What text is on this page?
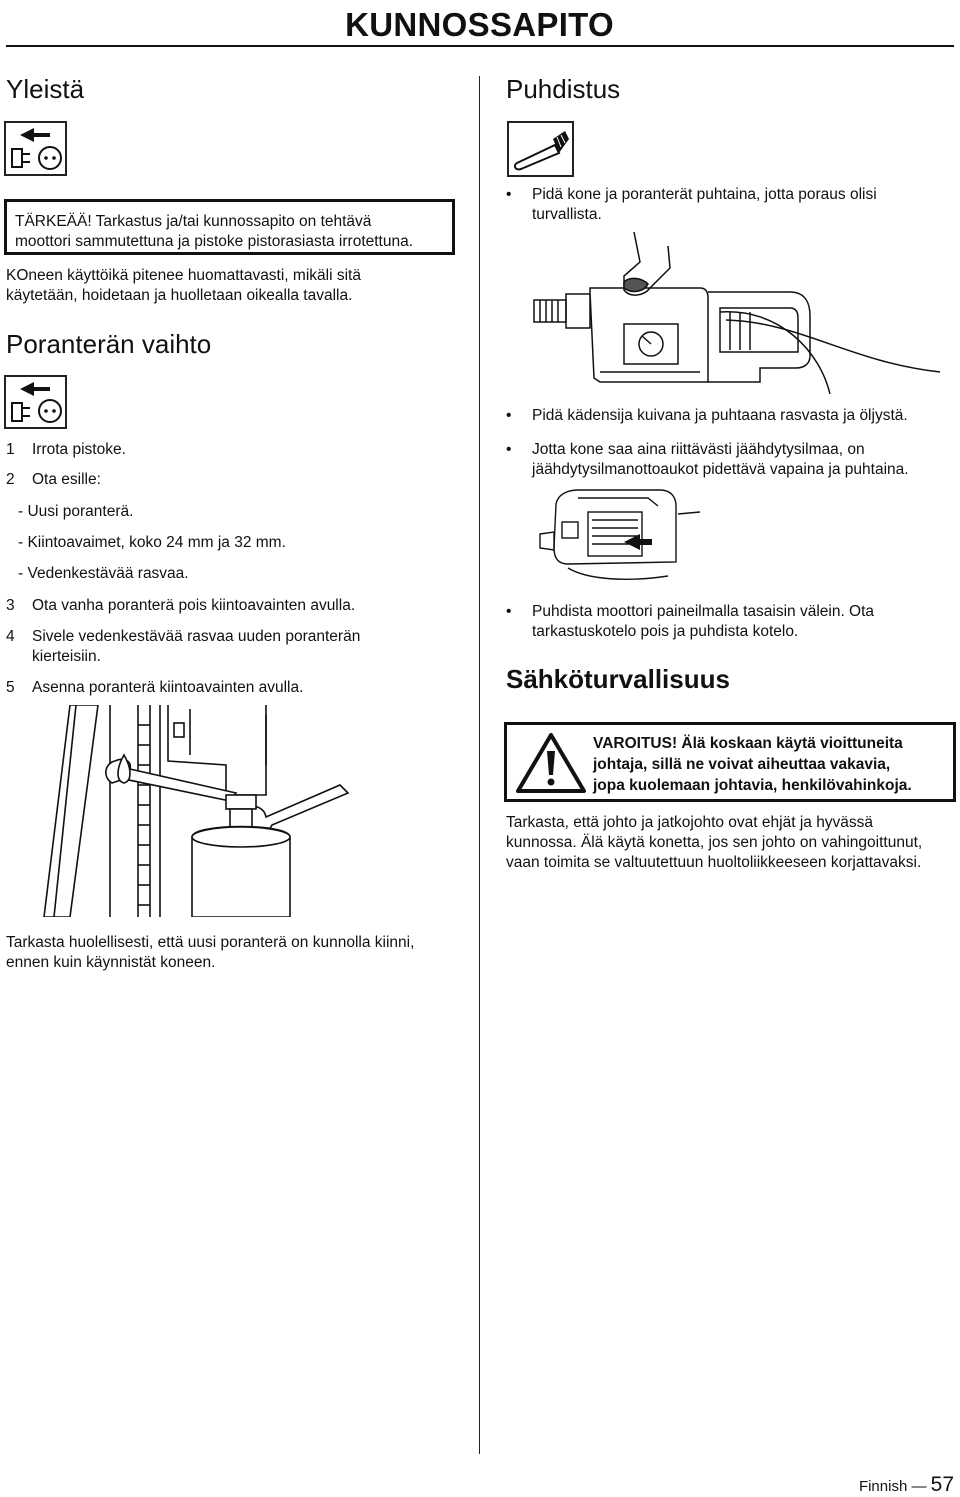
KUNNOSSAPITO
Yleistä
TÄRKEÄÄ! Tarkastus ja/tai kunnossapito on tehtävä
moottori sammutettuna ja pistoke pistorasiasta irrotettuna.
KOneen käyttöikä pitenee huomattavasti, mikäli sitä
käytetään, hoidetaan ja huolletaan oikealla tavalla.
Poranterän vaihto
1 Irrota pistoke.
2 Ota esille:
- Uusi poranterä.
- Kiintoavaimet, koko 24 mm ja 32 mm.
- Vedenkestävää rasvaa.
3 Ota vanha poranterä pois kiintoavainten avulla.
4 Sivele vedenkestävää rasvaa uuden poranterän
kierteisiin.
5 Asenna poranterä kiintoavainten avulla.
Tarkasta huolellisesti, että uusi poranterä on kunnolla kiinni,
ennen kuin käynnistät koneen.
Puhdistus
• Pidä kone ja poranterät puhtaina, jotta poraus olisi
turvallista.
• Pidä kädensija kuivana ja puhtaana rasvasta ja öljystä.
• Jotta kone saa aina riittävästi jäähdytysilmaa, on
jäähdytysilmanottoaukot pidettävä vapaina ja puhtaina.
• Puhdista moottori paineilmalla tasaisin välein. Ota
tarkastuskotelo pois ja puhdista kotelo.
Sähköturvallisuus
VAROITUS! Älä koskaan käytä vioittuneita
johtaja, sillä ne voivat aiheuttaa vakavia,
jopa kuolemaan johtavia, henkilövahinkoja.
Tarkasta, että johto ja jatkojohto ovat ehjät ja hyvässä
kunnossa. Älä käytä konetta, jos sen johto on vahingoittunut,
vaan toimita se valtuutettuun huoltoliikkeeseen korjattavaksi.
Finnish — 57
